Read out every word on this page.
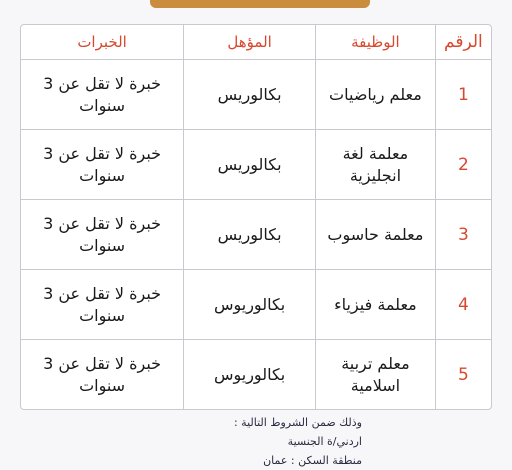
الرقم	الوظيفة	المؤهل	الخبرات
1	معلم رياضيات	بكالوريس	خبرة لا تقل عن 3 سنوات
2	معلمة لغة انجليزية	بكالوريس	خبرة لا تقل عن 3 سنوات
3	معلمة حاسوب	بكالوريس	خبرة لا تقل عن 3 سنوات
4	معلمة فيزياء	بكالوريوس	خبرة لا تقل عن 3 سنوات
5	معلم تربية اسلامية	بكالوريوس	خبرة لا تقل عن 3 سنوات
وذلك ضمن الشروط التالية :
اردني/ة الجنسية
منطقة السكن : عمان
